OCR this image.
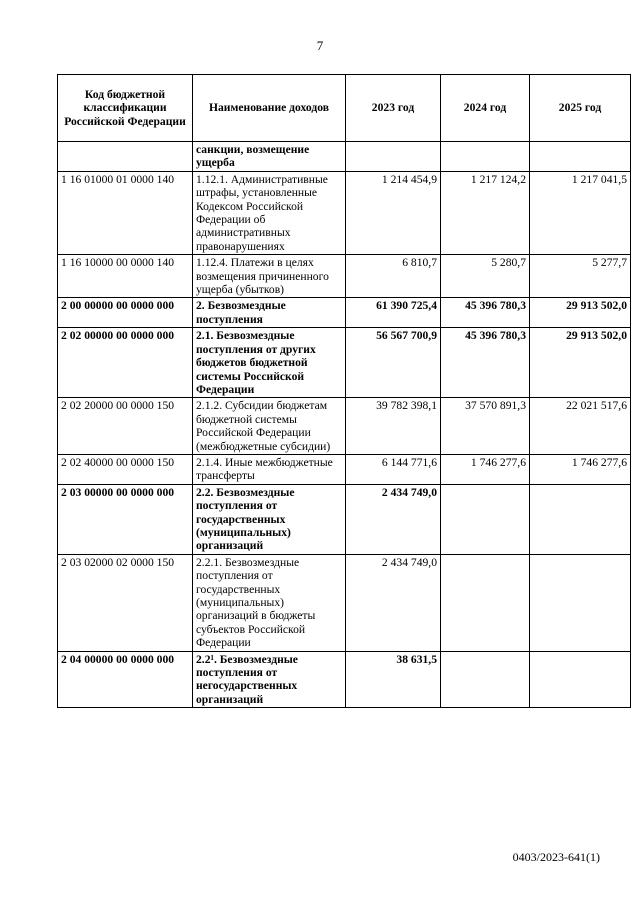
7
Код бюджетной классификации Российской Федерации	Наименование доходов	2023 год	2024 год	2025 год
	санкции, возмещение ущерба			
1 16 01000 01 0000 140	1.12.1. Административные штрафы, установленные Кодексом Российской Федерации об административных правонарушениях	1 214 454,9	1 217 124,2	1 217 041,5
1 16 10000 00 0000 140	1.12.4. Платежи в целях возмещения причиненного ущерба (убытков)	6 810,7	5 280,7	5 277,7
2 00 00000 00 0000 000	2. Безвозмездные поступления	61 390 725,4	45 396 780,3	29 913 502,0
2 02 00000 00 0000 000	2.1. Безвозмездные поступления от других бюджетов бюджетной системы Российской Федерации	56 567 700,9	45 396 780,3	29 913 502,0
2 02 20000 00 0000 150	2.1.2. Субсидии бюджетам бюджетной системы Российской Федерации (межбюджетные субсидии)	39 782 398,1	37 570 891,3	22 021 517,6
2 02 40000 00 0000 150	2.1.4. Иные межбюджетные трансферты	6 144 771,6	1 746 277,6	1 746 277,6
2 03 00000 00 0000 000	2.2. Безвозмездные поступления от государственных (муниципальных) организаций	2 434 749,0		
2 03 02000 02 0000 150	2.2.1. Безвозмездные поступления от государственных (муниципальных) организаций в бюджеты субъектов Российской Федерации	2 434 749,0		
2 04 00000 00 0000 000	2.2¹. Безвозмездные поступления от негосударственных организаций	38 631,5		
0403/2023-641(1)
